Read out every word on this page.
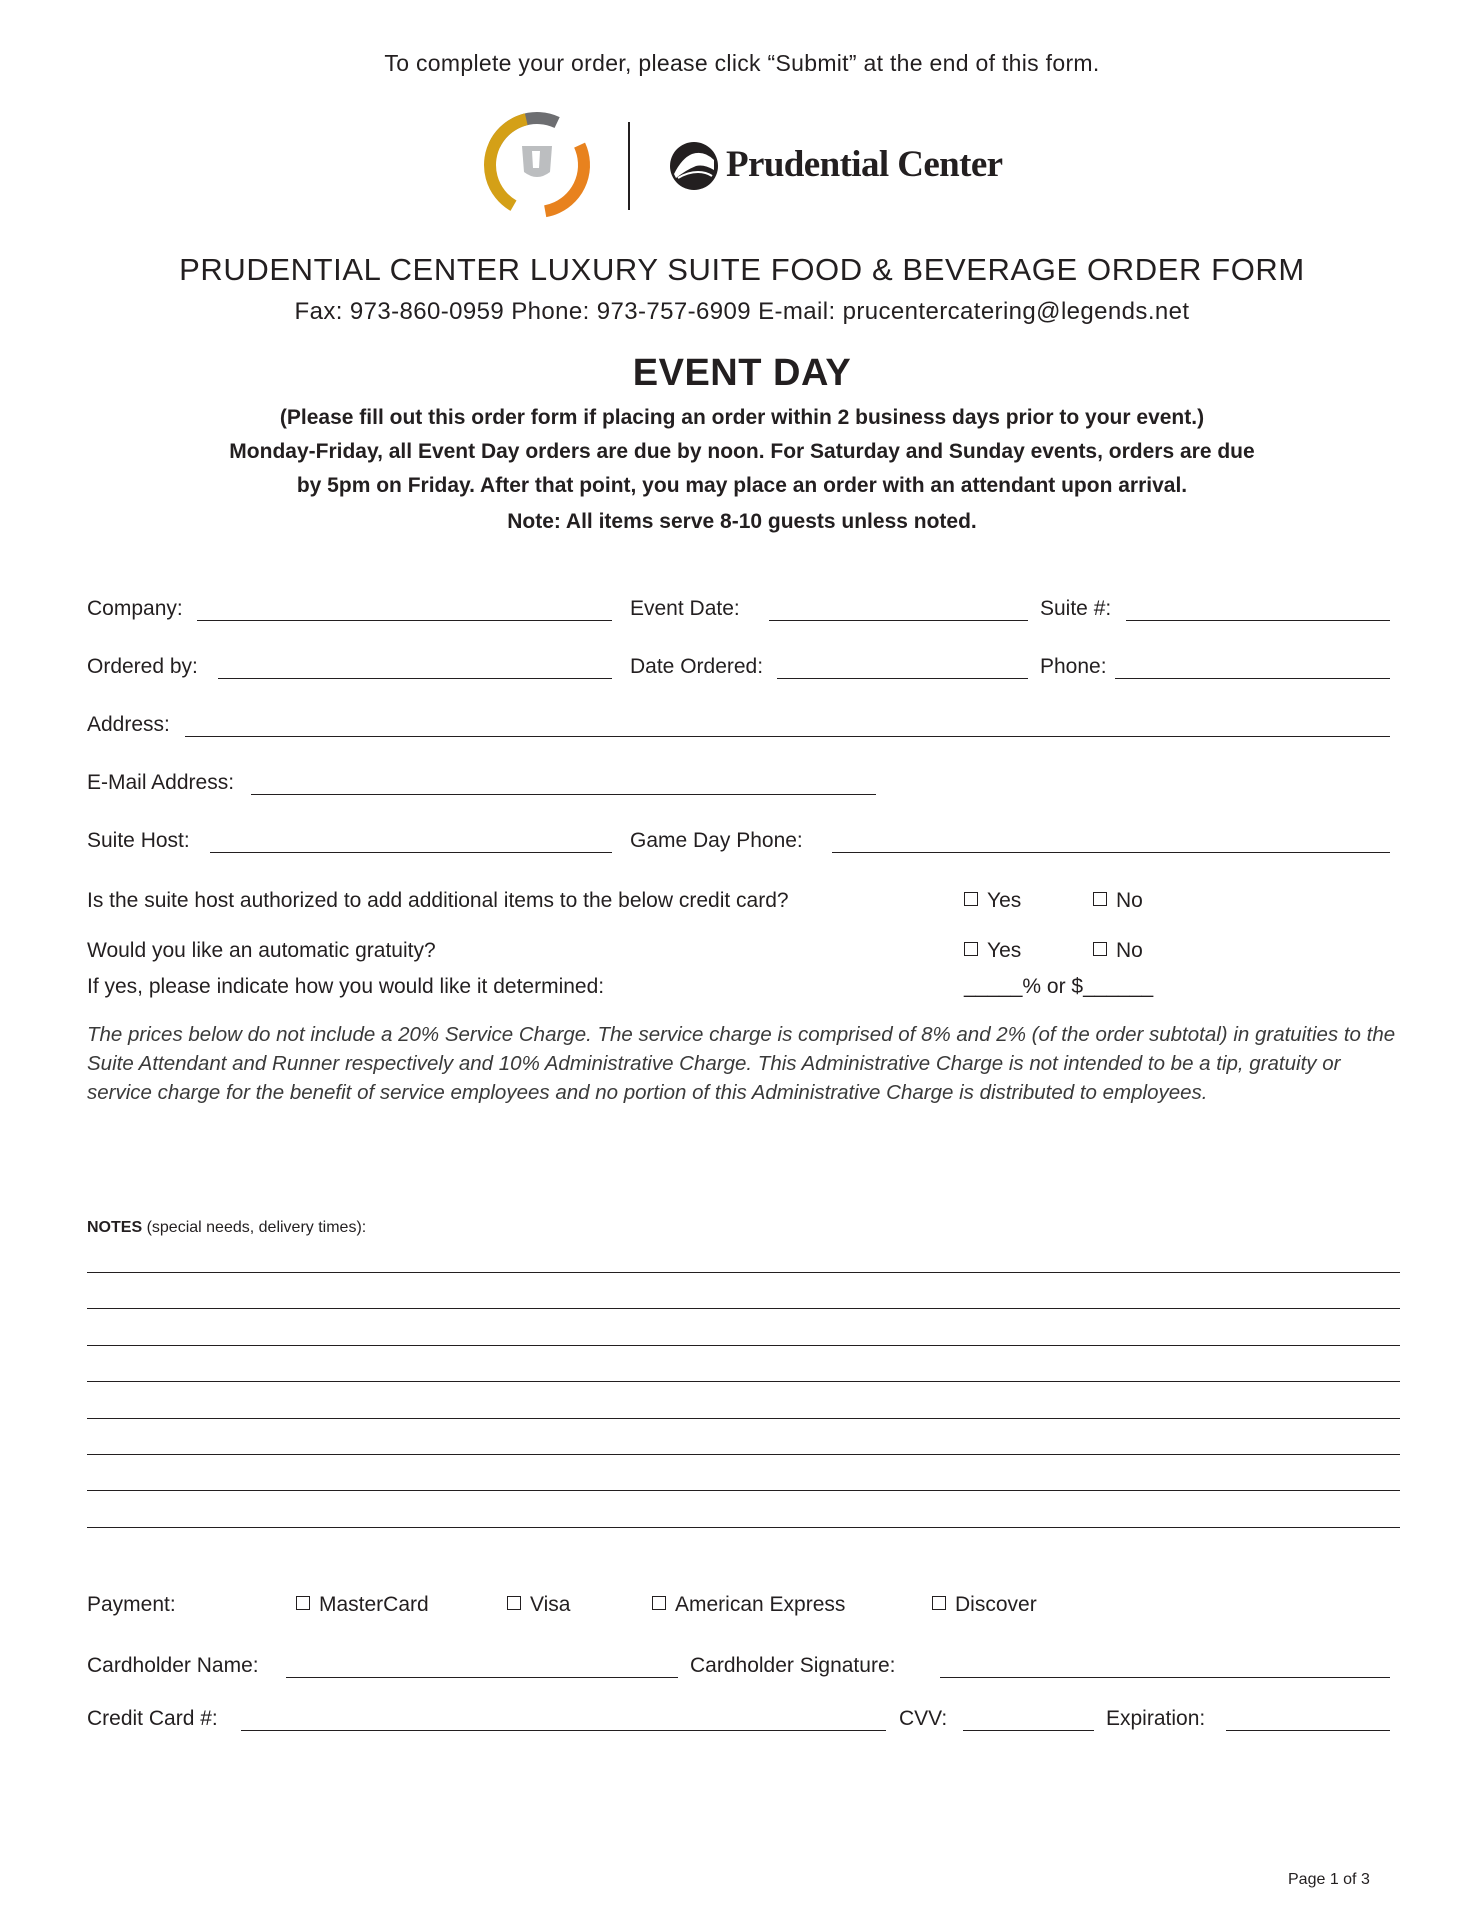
To complete your order, please click “Submit” at the end of this form.
Prudential Center
PRUDENTIAL CENTER LUXURY SUITE FOOD & BEVERAGE ORDER FORM
Fax: 973-860-0959 Phone: 973-757-6909 E-mail: prucentercatering@legends.net
EVENT DAY
(Please fill out this order form if placing an order within 2 business days prior to your event.)
Monday-Friday, all Event Day orders are due by noon. For Saturday and Sunday events, orders are due
by 5pm on Friday. After that point, you may place an order with an attendant upon arrival.
Note: All items serve 8-10 guests unless noted.
Company:	Event Date:	Suite #:
Ordered by:	Date Ordered:	Phone:
Address:
E-Mail Address:
Suite Host:	Game Day Phone:
Is the suite host authorized to add additional items to the below credit card?	Yes	No
Would you like an automatic gratuity?	Yes	No
If yes, please indicate how you would like it determined:	_____% or $______
The prices below do not include a 20% Service Charge. The service charge is comprised of 8% and 2% (of the order subtotal) in gratuities to the Suite Attendant and Runner respectively and 10% Administrative Charge. This Administrative Charge is not intended to be a tip, gratuity or service charge for the benefit of service employees and no portion of this Administrative Charge is distributed to employees.
NOTES (special needs, delivery times):
Payment:	MasterCard	Visa	American Express	Discover
Cardholder Name:	Cardholder Signature:
Credit Card #:	CVV:	Expiration:
Page 1 of 3
